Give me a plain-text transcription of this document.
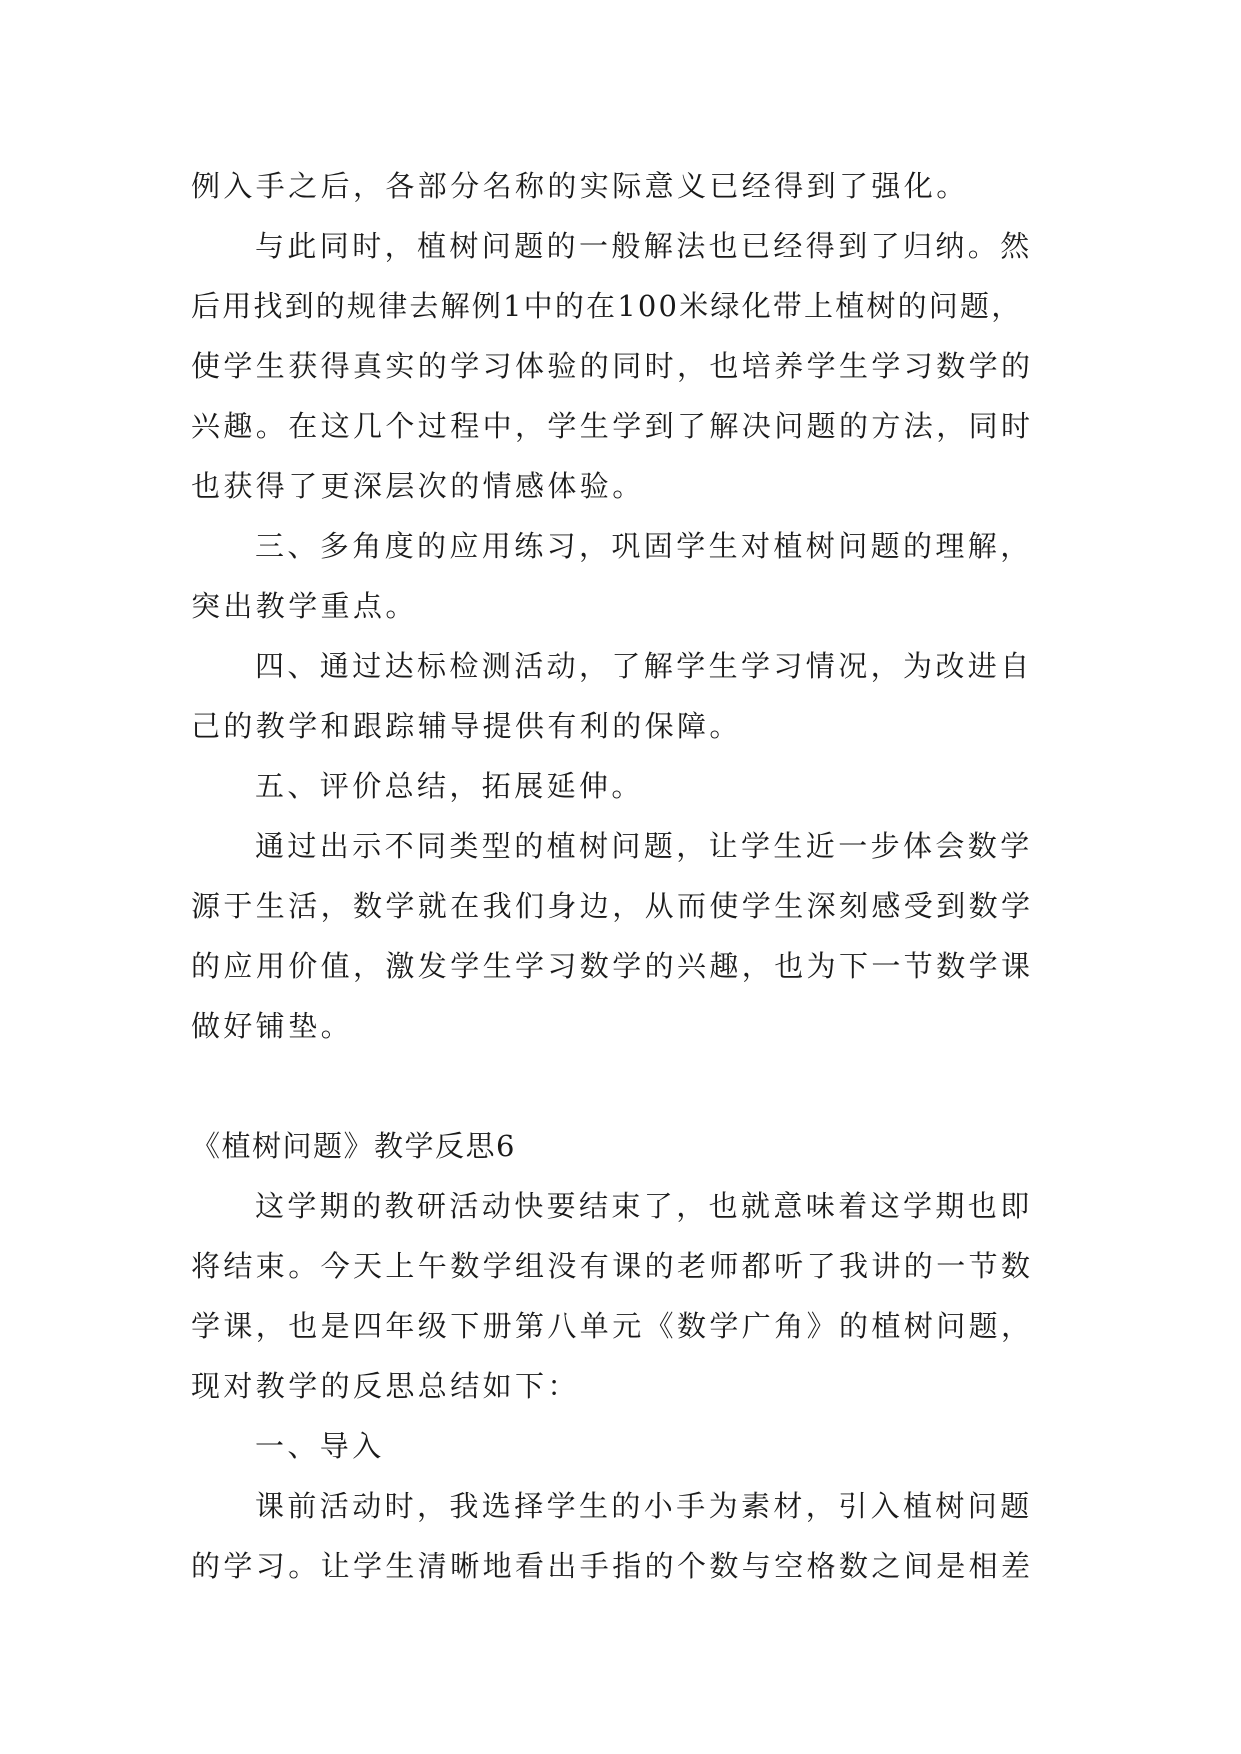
例入手之后，各部分名称的实际意义已经得到了强化。
与此同时，植树问题的一般解法也已经得到了归纳。然
后用找到的规律去解例1中的在100米绿化带上植树的问题，
使学生获得真实的学习体验的同时，也培养学生学习数学的
兴趣。在这几个过程中，学生学到了解决问题的方法，同时
也获得了更深层次的情感体验。
三、多角度的应用练习，巩固学生对植树问题的理解，
突出教学重点。
四、通过达标检测活动，了解学生学习情况，为改进自
己的教学和跟踪辅导提供有利的保障。
五、评价总结，拓展延伸。
通过出示不同类型的植树问题，让学生近一步体会数学
源于生活，数学就在我们身边，从而使学生深刻感受到数学
的应用价值，激发学生学习数学的兴趣，也为下一节数学课
做好铺垫。
《植树问题》教学反思6
这学期的教研活动快要结束了，也就意味着这学期也即
将结束。今天上午数学组没有课的老师都听了我讲的一节数
学课，也是四年级下册第八单元《数学广角》的植树问题，
现对教学的反思总结如下：
一、导入
课前活动时，我选择学生的小手为素材，引入植树问题
的学习。让学生清晰地看出手指的个数与空格数之间是相差
